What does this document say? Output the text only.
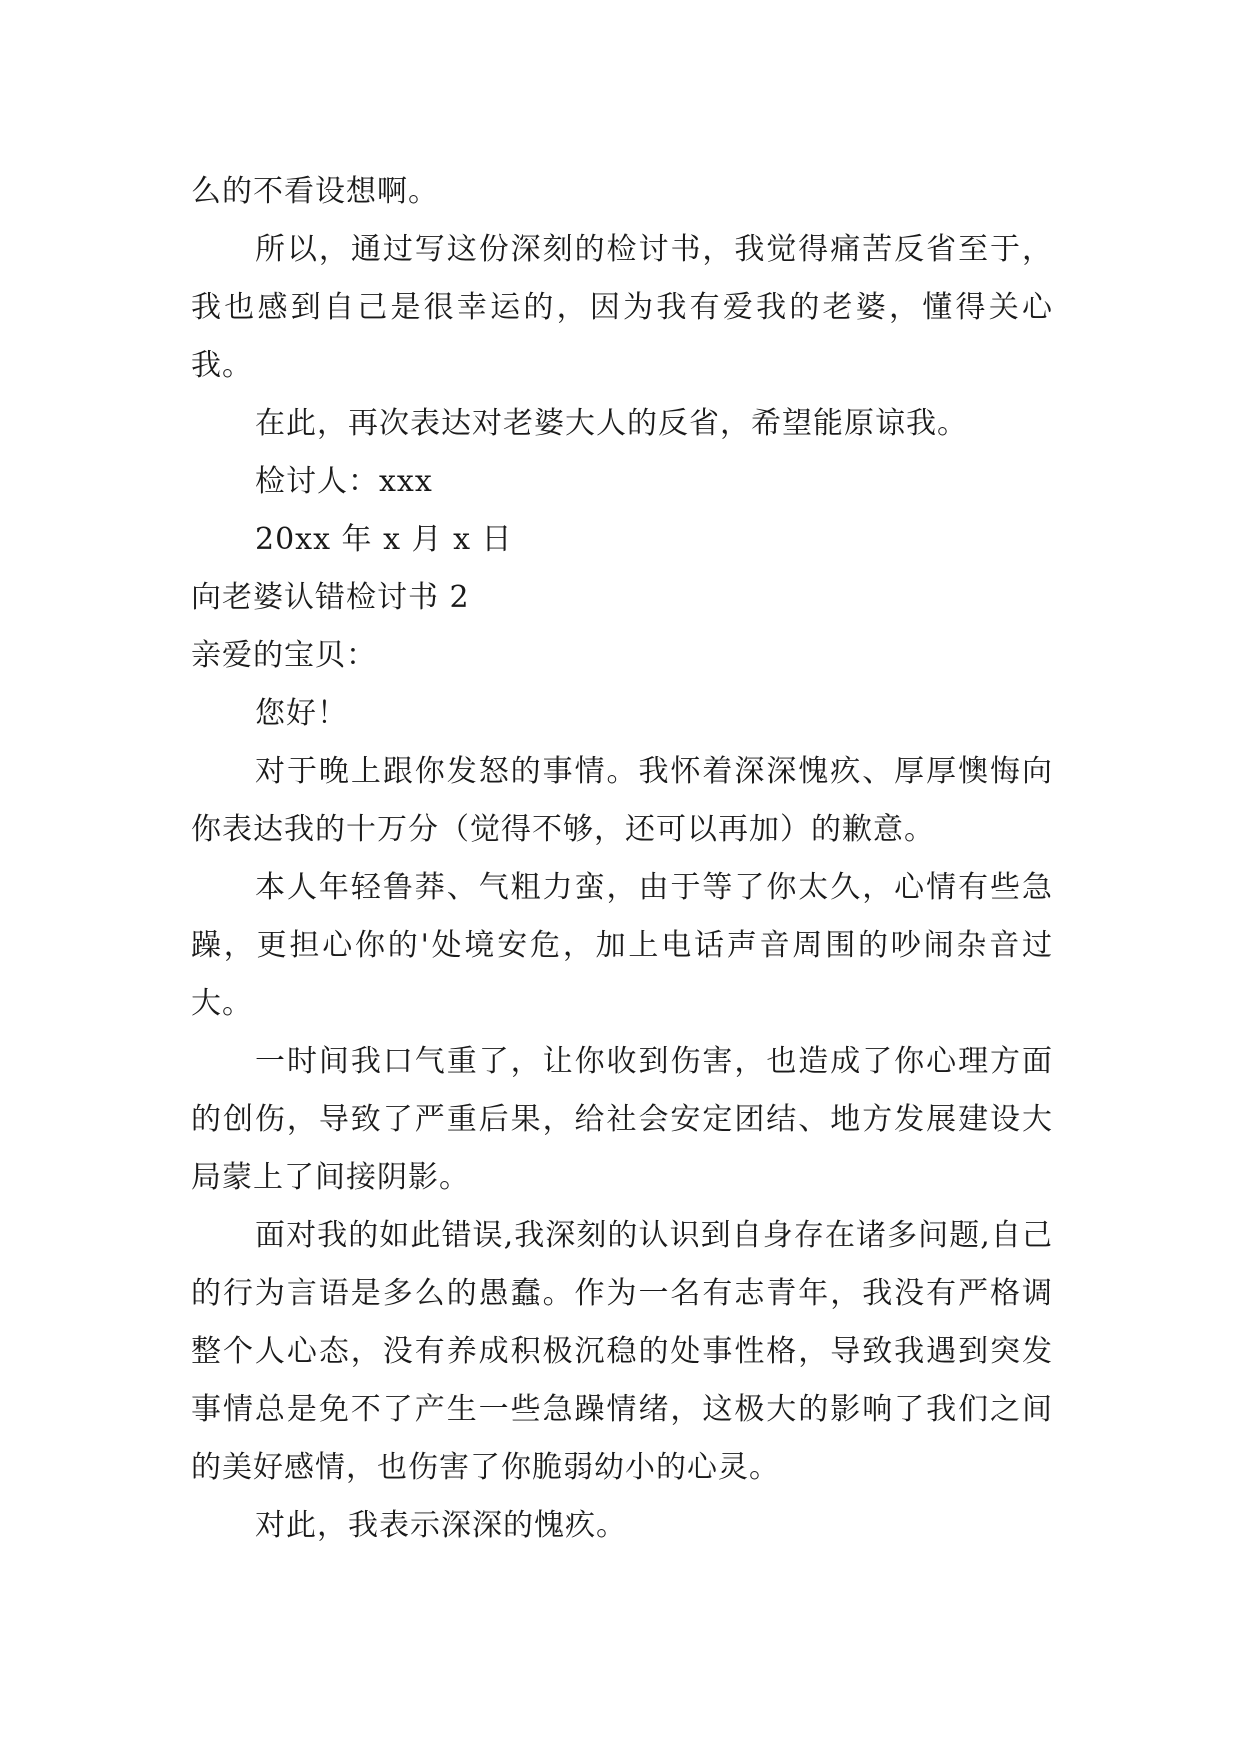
么的不看设想啊。

所以，通过写这份深刻的检讨书，我觉得痛苦反省至于，我也感到自己是很幸运的，因为我有爱我的老婆，懂得关心我。

在此，再次表达对老婆大人的反省，希望能原谅我。

检讨人：xxx

20xx 年 x 月 x 日

向老婆认错检讨书 2

亲爱的宝贝：

您好！

对于晚上跟你发怒的事情。我怀着深深愧疚、厚厚懊悔向你表达我的十万分（觉得不够，还可以再加）的歉意。

本人年轻鲁莽、气粗力蛮，由于等了你太久，心情有些急躁，更担心你的'处境安危，加上电话声音周围的吵闹杂音过大。

一时间我口气重了，让你收到伤害，也造成了你心理方面的创伤，导致了严重后果，给社会安定团结、地方发展建设大局蒙上了间接阴影。

面对我的如此错误,我深刻的认识到自身存在诸多问题,自己的行为言语是多么的愚蠢。作为一名有志青年，我没有严格调整个人心态，没有养成积极沉稳的处事性格，导致我遇到突发事情总是免不了产生一些急躁情绪，这极大的影响了我们之间的美好感情，也伤害了你脆弱幼小的心灵。

对此，我表示深深的愧疚。
